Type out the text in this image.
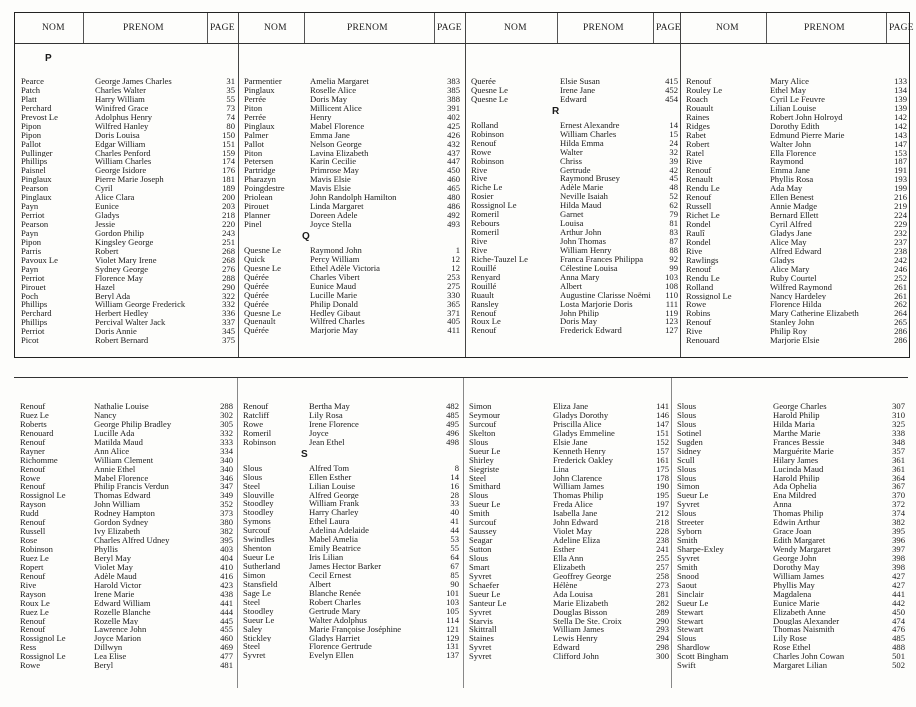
NOM	PRENOM	PAGE
P
Pearce	George James Charles	31
Patch	Charles Walter	35
Platt	Harry William	55
Perchard	Winifred Grace	73
Prevost Le	Adolphus Henry	74
Pipon	Wilfred Hanley	80
Pipon	Doris Louisa	150
Pallot	Edgar William	151
Pullinger	Charles Penford	159
Phillips	William Charles	174
Paisnel	George Isidore	176
Pinglaux	Pierre Marie Joseph	181
Pearson	Cyril	189
Pinglaux	Alice Clara	200
Payn	Eunice	203
Perriot	Gladys	218
Pearson	Jessie	220
Payn	Gordon Philip	243
Pipon	Kingsley George	251
Parris	Robert	268
Pavoux Le	Violet Mary Irene	268
Payn	Sydney George	276
Perriot	Florence May	288
Pirouet	Hazel	290
Poch	Beryl Ada	322
Phillips	William George Frederick	332
Perchard	Herbert Hedley	336
Phillips	Percival Walter Jack	337
Perriot	Doris Annie	345
Picot	Robert Bernard	375
NOM	PRENOM	PAGE
Parmentier	Amelia Margaret	383
Pinglaux	Roselle Alice	385
Perrée	Doris May	388
Piton	Millicent Alice	391
Perrée	Henry	402
Pinglaux	Mabel Florence	425
Palmer	Emma Jane	426
Pallot	Nelson George	432
Piton	Lavina Elizabeth	437
Petersen	Karin Cecilie	447
Partridge	Primrose May	450
Pharazyn	Mavis Elsie	460
Poingdestre	Mavis Elsie	465
Priolean	John Randolph Hamilton	480
Pirouet	Linda Margaret	486
Planner	Doreen Adele	492
Pinel	Joyce Stella	493
Q
Quesne Le	Raymond John	1
Quick	Percy William	12
Quesne Le	Ethel Adèle Victoria	12
Quérée	Charles Vibert	253
Quérée	Eunice Maud	275
Quérée	Lucille Marie	330
Quérée	Philip Donald	365
Quesne Le	Hedley Gibaut	371
Quenault	Wilfred Charles	405
Quérée	Marjorie May	411
NOM	PRENOM	PAGE
Querée	Elsie Susan	415
Quesne Le	Irene Jane	452
Quesne Le	Edward	454
R
Rolland	Ernest Alexandre	14
Robinson	William Charles	15
Renouf	Hilda Emma	24
Rowe	Walter	32
Robinson	Chriss	39
Rive	Gertrude	42
Rive	Raymond Brusey	45
Riche Le	Adèle Marie	48
Rosier	Neville Isaiah	52
Rossignol Le	Hilda Maud	62
Romeril	Garnet	79
Rebours	Louisa	81
Romeril	Arthur John	83
Rive	John Thomas	87
Rive	William Henry	88
Riche-Tauzel Le	Franca Frances Philippa	92
Rouillé	Célestine Louisa	99
Renyard	Anna Mary	103
Rouillé	Albert	108
Ruault	Augustine Clarisse Noëmi	110
Ransley	Losta Marjorie Doris	111
Renouf	John Philip	119
Roux Le	Doris May	123
Renouf	Frederick Edward	127
NOM	PRENOM	PAGE
Renouf	Mary Alice	133
Rouley Le	Ethel May	134
Roach	Cyril Le Feuvre	139
Rouault	Lilian Louise	139
Raines	Robert John Holroyd	142
Ridges	Dorothy Edith	142
Rabet	Edmund Pierre Marie	143
Robert	Walter John	147
Ratel	Ella Florence	153
Rive	Raymond	187
Renouf	Emma Jane	191
Renault	Phyllis Rosa	193
Rendu Le	Ada May	199
Renouf	Ellen Benest	216
Russell	Annie Madge	219
Richet Le	Bernard Ellett	224
Rondel	Cyril Alfred	229
Raulî	Gladys Jane	232
Rondel	Alice May	237
Rive	Alfred Edward	238
Rawlings	Gladys	242
Renouf	Alice Mary	246
Rendu Le	Ruby Courtel	252
Rolland	Wilfred Raymond	261
Rossignol Le	Nancy Hardeley	261
Rowe	Florence Hilda	262
Robins	Mary Catherine Elizabeth	264
Renouf	Stanley John	265
Rive	Philip Roy	286
Renouard	Marjorie Elsie	286
Renouf	Nathalie Louise	288
Ruez Le	Nancy	302
Roberts	George Philip Bradley	305
Renouard	Lucille Ada	332
Renouf	Matilda Maud	333
Rayner	Ann Alice	334
Richomme	William Clement	340
Renouf	Annie Ethel	340
Rowe	Mabel Florence	346
Renouf	Philip Francis Verdun	347
Rossignol Le	Thomas Edward	349
Rayson	John William	352
Rudd	Rodney Hampton	373
Renouf	Gordon Sydney	380
Russell	Ivy Elizabeth	382
Rose	Charles Alfred Udney	395
Robinson	Phyllis	403
Ruez Le	Beryl May	404
Ropert	Violet May	410
Renouf	Adèle Maud	416
Rive	Harold Victor	423
Rayson	Irene Marie	438
Roux Le	Edward William	441
Ruez Le	Rozelle Blanche	444
Renouf	Rozelle May	445
Renouf	Lawrence John	455
Rossignol Le	Joyce Marion	460
Ress	Dillwyn	469
Rossignol Le	Lea Elise	477
Rowe	Beryl	481
Renouf	Bertha May	482
Ratcliff	Lily Rosa	485
Rowe	Irene Florence	495
Romeril	Joyce	496
Robinson	Jean Ethel	498
S
Slous	Alfred Tom	8
Slous	Ellen Esther	14
Steel	Lilian Louise	16
Slouville	Alfred George	28
Stoodley	William Frank	33
Stoodley	Harry Charley	40
Symons	Ethel Laura	41
Surcouf	Adelina Adelaide	44
Swindles	Mabel Amelia	53
Shenton	Emily Beatrice	55
Sueur Le	Iris Lilian	64
Sutherland	James Hector Barker	67
Simon	Cecil Ernest	85
Stansfield	Albert	90
Sage Le	Blanche Renée	101
Steel	Robert Charles	103
Stoodley	Gertrude Mary	105
Sueur Le	Walter Adolphus	114
Saley	Marie Françoise Joséphine	121
Stickley	Gladys Harriet	129
Steel	Florence Gertrude	131
Syvret	Evelyn Ellen	137
Simon	Eliza Jane	141
Seymour	Gladys Dorothy	146
Surcouf	Priscilla Alice	147
Skelton	Gladys Emmeline	151
Slous	Elsie Jane	152
Sueur Le	Kenneth Henry	157
Shirley	Frederick Oakley	161
Siegriste	Lina	175
Steel	John Clarence	178
Smithard	William James	190
Slous	Thomas Philip	195
Sueur Le	Freda Alice	197
Smith	Isabella Jane	212
Surcouf	John Edward	218
Saussey	Violet May	228
Seagar	Adeline Eliza	238
Sutton	Esther	241
Slous	Ella Ann	255
Smart	Elizabeth	257
Syvret	Geoffrey George	258
Schaefer	Hélène	273
Sueur Le	Ada Louisa	281
Santeur Le	Marie Elizabeth	282
Syvret	Douglas Bisson	289
Starvis	Stella De Ste. Croix	290
Skittrall	William James	293
Staines	Lewis Henry	294
Syvret	Edward	298
Syvret	Clifford John	300
Slous	George Charles	307
Slous	Harold Philip	310
Slous	Hilda Maria	325
Sotinel	Marthe Marie	338
Sugden	Frances Bessie	348
Sidney	Marguérite Marie	357
Scull	Hilary James	361
Slous	Lucinda Maud	361
Slous	Harold Philip	364
Simon	Ada Ophelia	367
Sueur Le	Ena Mildred	370
Syvret	Anna	372
Slous	Thomas Philip	374
Streeter	Edwin Arthur	382
Syborn	Grace Joan	395
Smith	Edith Margaret	396
Sharpe-Exley	Wendy Margaret	397
Syvret	George John	398
Smith	Dorothy May	398
Snood	William James	427
Saout	Phyllis May	427
Sinclair	Magdalena	441
Sueur Le	Eunice Marie	442
Stewart	Elizabeth Anne	450
Stewart	Douglas Alexander	474
Stewart	Thomas Naismith	476
Slous	Lily Rose	485
Shardlow	Rose Ethel	488
Scott Bingham	Charles John Cowan	501
Swift	Margaret Lilian	502
